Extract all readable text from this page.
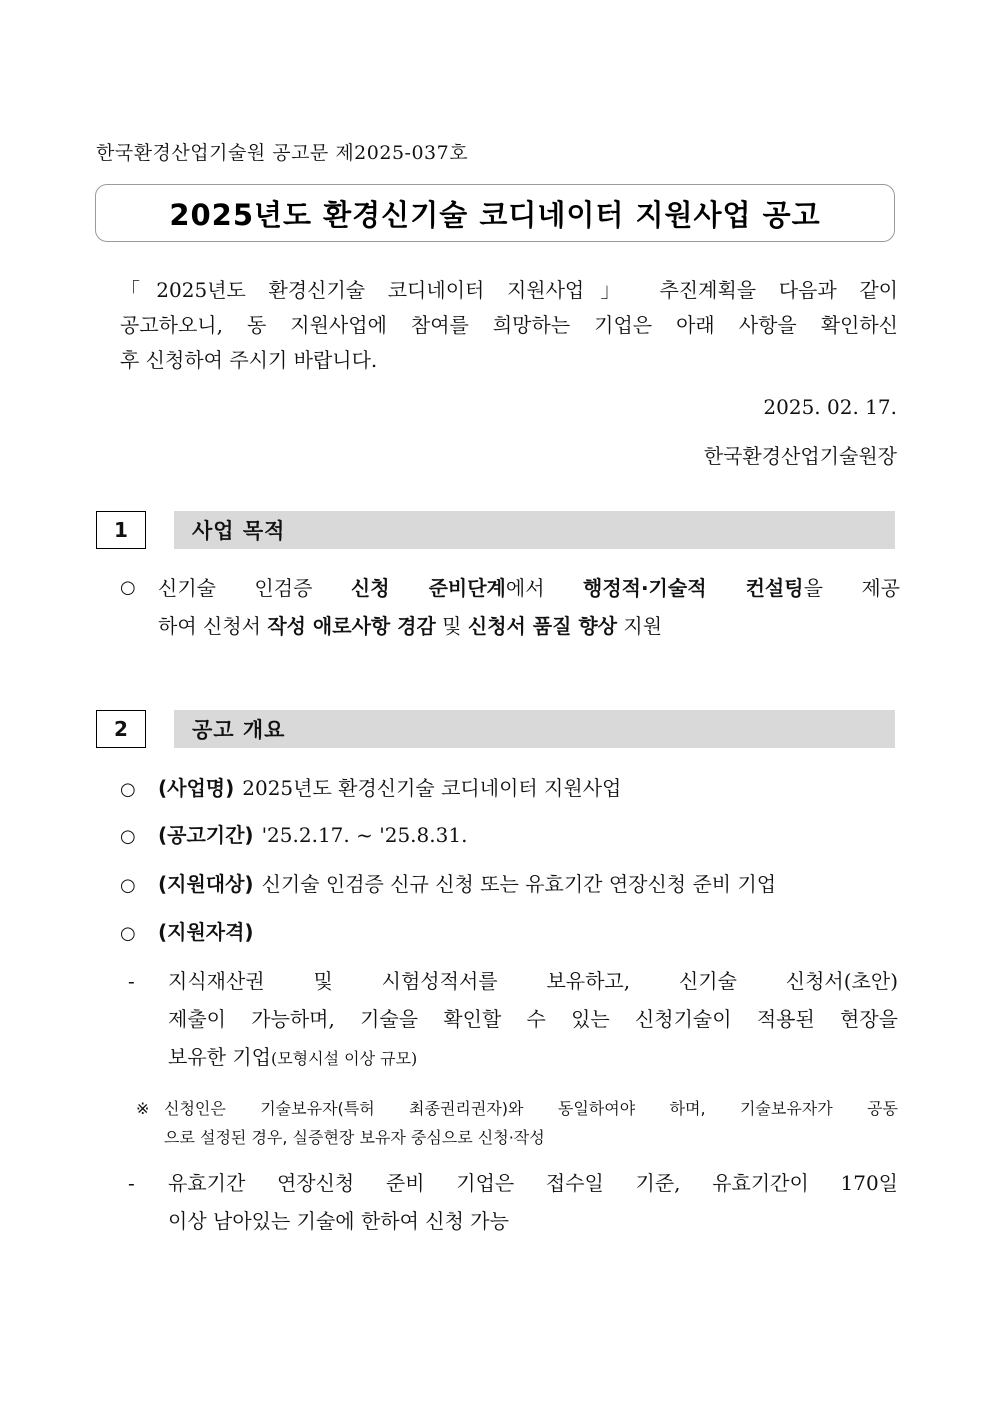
한국환경산업기술원 공고문 제2025-037호
2025년도 환경신기술 코디네이터 지원사업 공고

「2025년도 환경신기술 코디네이터 지원사업」 추진계획을 다음과 같이

공고하오니, 동 지원사업에 참여를 희망하는 기업은 아래 사항을 확인하신

후 신청하여 주시기 바랍니다.

2025. 02. 17.
한국환경산업기술원장
1	사업 목적
○	신기술 인검증 신청 준비단계에서 행정적·기술적 컨설팅을 제공
하여 신청서 작성 애로사항 경감 및 신청서 품질 향상 지원
2	공고 개요
○ (사업명) 2025년도 환경신기술 코디네이터 지원사업
○ (공고기간) '25.2.17. ~ '25.8.31.
○ (지원대상) 신기술 인검증 신규 신청 또는 유효기간 연장신청 준비 기업
○ (지원자격)
-	지식재산권 및 시험성적서를 보유하고, 신기술 신청서(초안)
제출이 가능하며, 기술을 확인할 수 있는 신청기술이 적용된 현장을
보유한 기업(모형시설 이상 규모)
※ 신청인은 기술보유자(특허 최종권리권자)와 동일하여야 하며, 기술보유자가 공동
으로 설정된 경우, 실증현장 보유자 중심으로 신청·작성
-	유효기간 연장신청 준비 기업은 접수일 기준, 유효기간이 170일
이상 남아있는 기술에 한하여 신청 가능
